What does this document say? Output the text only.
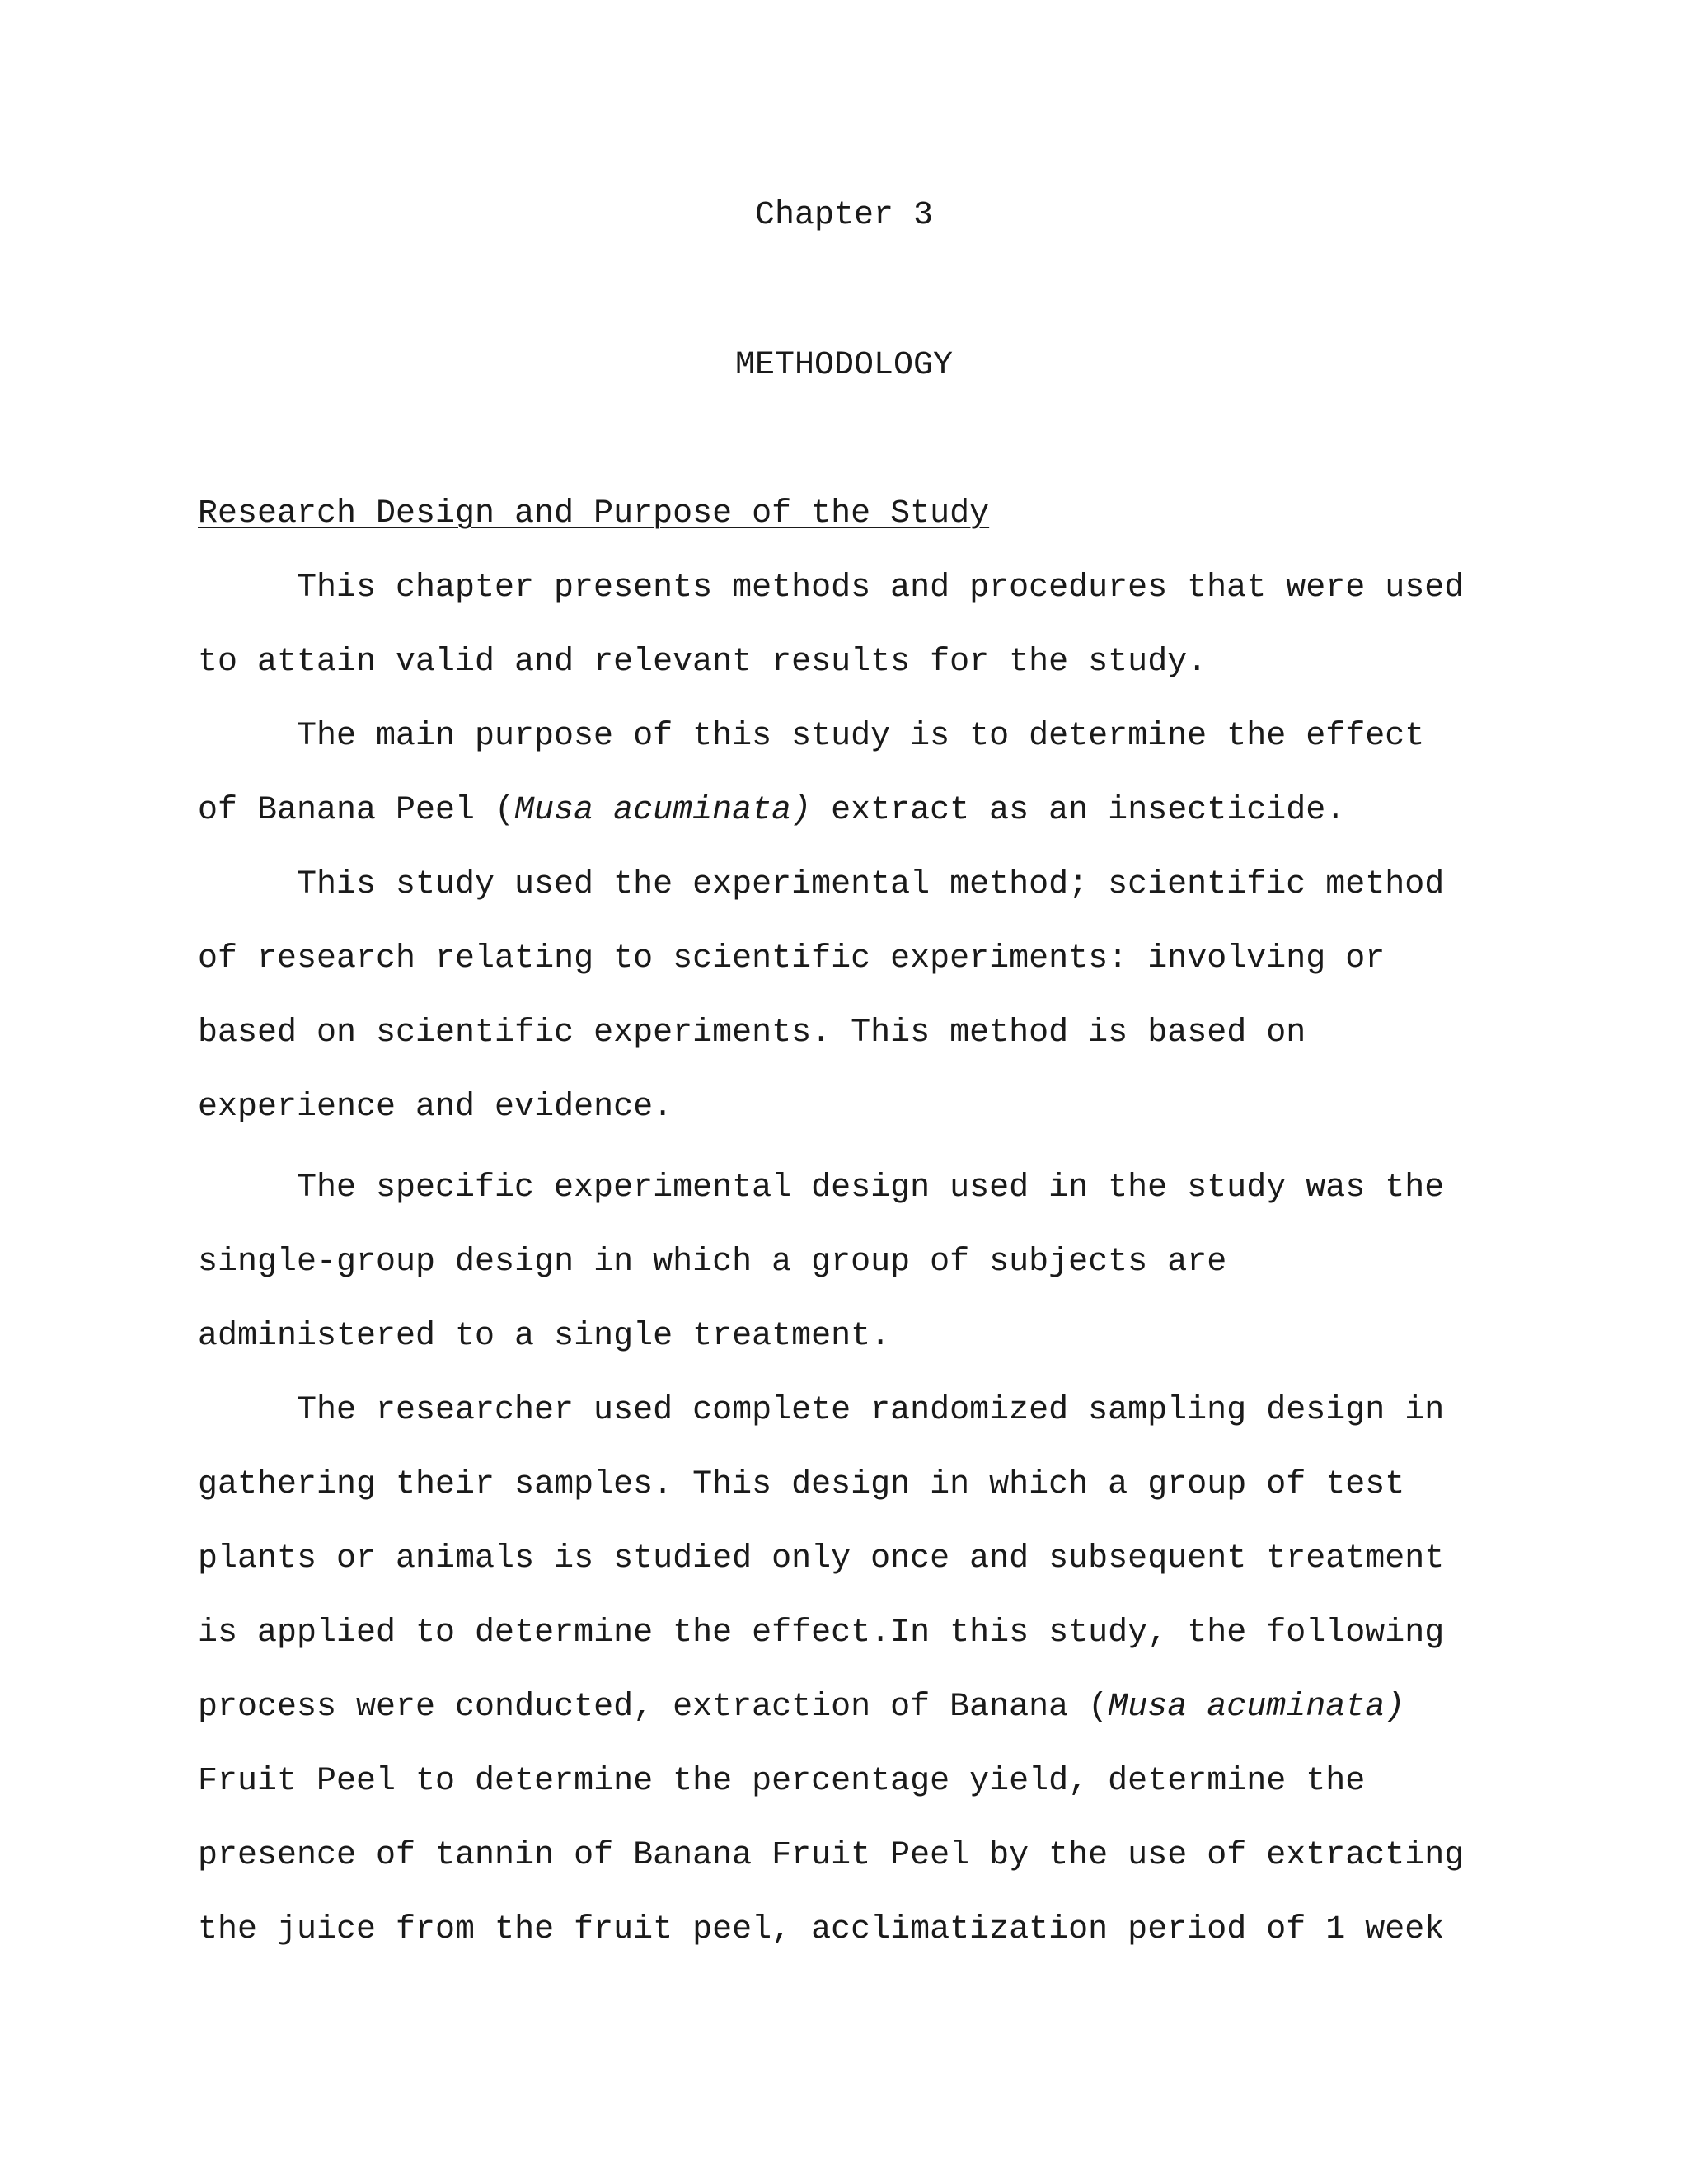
Chapter 3
METHODOLOGY
Research Design and Purpose of the Study
This chapter presents methods and procedures that were used
to attain valid and relevant results for the study.
The main purpose of this study is to determine the effect
of Banana Peel (Musa acuminata) extract as an insecticide.
This study used the experimental method; scientific method
of research relating to scientific experiments: involving or
based on scientific experiments. This method is based on
experience and evidence.
The specific experimental design used in the study was the
single-group design in which a group of subjects are
administered to a single treatment.
The researcher used complete randomized sampling design in
gathering their samples. This design in which a group of test
plants or animals is studied only once and subsequent treatment
is applied to determine the effect.In this study, the following
process were conducted, extraction of Banana (Musa acuminata)
Fruit Peel to determine the percentage yield, determine the
presence of tannin of Banana Fruit Peel by the use of extracting
the juice from the fruit peel, acclimatization period of 1 week
